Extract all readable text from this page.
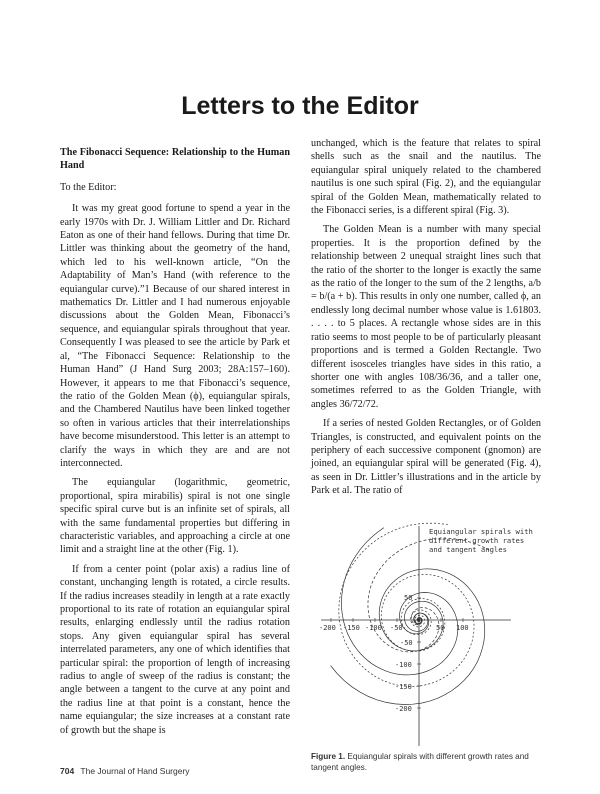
Letters to the Editor
The Fibonacci Sequence: Relationship to the Human Hand
To the Editor:

It was my great good fortune to spend a year in the early 1970s with Dr. J. William Littler and Dr. Richard Eaton as one of their hand fellows. During that time Dr. Littler was thinking about the geometry of the hand, which led to his well-known article, “On the Adaptability of Man’s Hand (with reference to the equiangular curve).”1 Because of our shared interest in mathematics Dr. Littler and I had numerous enjoyable discussions about the Golden Mean, Fibonacci’s sequence, and equiangular spirals throughout that year. Consequently I was pleased to see the article by Park et al, “The Fibonacci Sequence: Relationship to the Human Hand” (J Hand Surg 2003; 28A:157–160). However, it appears to me that Fibonacci’s sequence, the ratio of the Golden Mean (ϕ), equiangular spirals, and the Chambered Nautilus have been linked together so often in various articles that their interrelationships have become misunderstood. This letter is an attempt to clarify the ways in which they are and are not interconnected.

The equiangular (logarithmic, geometric, proportional, spira mirabilis) spiral is not one single specific spiral curve but is an infinite set of spirals, all with the same fundamental properties but differing in characteristic variables, and approaching a circle at one limit and a straight line at the other (Fig. 1).

If from a center point (polar axis) a radius line of constant, unchanging length is rotated, a circle results. If the radius increases steadily in length at a rate exactly proportional to its rate of rotation an equiangular spiral results, enlarging endlessly until the radius rotation stops. Any given equiangular spiral has several interrelated parameters, any one of which identifies that particular spiral: the proportion of length of increasing radius to angle of sweep of the radius is constant; the angle between a tangent to the curve at any point and the radius line at that point is a constant, hence the name equiangular; the size increases at a constant rate of growth but the shape is

unchanged, which is the feature that relates to spiral shells such as the snail and the nautilus. The equiangular spiral uniquely related to the chambered nautilus is one such spiral (Fig. 2), and the equiangular spiral of the Golden Mean, mathematically related to the Fibonacci series, is a different spiral (Fig. 3).

The Golden Mean is a number with many special properties. It is the proportion defined by the relationship between 2 unequal straight lines such that the ratio of the shorter to the longer is exactly the same as the ratio of the longer to the sum of the 2 lengths, a/b = b/(a + b). This results in only one number, called ϕ, an endlessly long decimal number whose value is 1.61803. . . . . to 5 places. A rectangle whose sides are in this ratio seems to most people to be of particularly pleasant proportions and is termed a Golden Rectangle. Two different isosceles triangles have sides in this ratio, a shorter one with angles 108/36/36, and a taller one, sometimes referred to as the Golden Triangle, with angles 36/72/72.

If a series of nested Golden Rectangles, or of Golden Triangles, is constructed, and equivalent points on the periphery of each successive component (gnomon) are joined, an equiangular spiral will be generated (Fig. 4), as seen in Dr. Littler’s illustrations and in the article by Park et al. The ratio of

-200 -150 -100 -50	50 100
50
-50
-100
-150
-200
Equiangular spirals with
different growth rates
and tangent angles
Figure 1. Equiangular spirals with different growth rates and tangent angles.
704 The Journal of Hand Surgery
